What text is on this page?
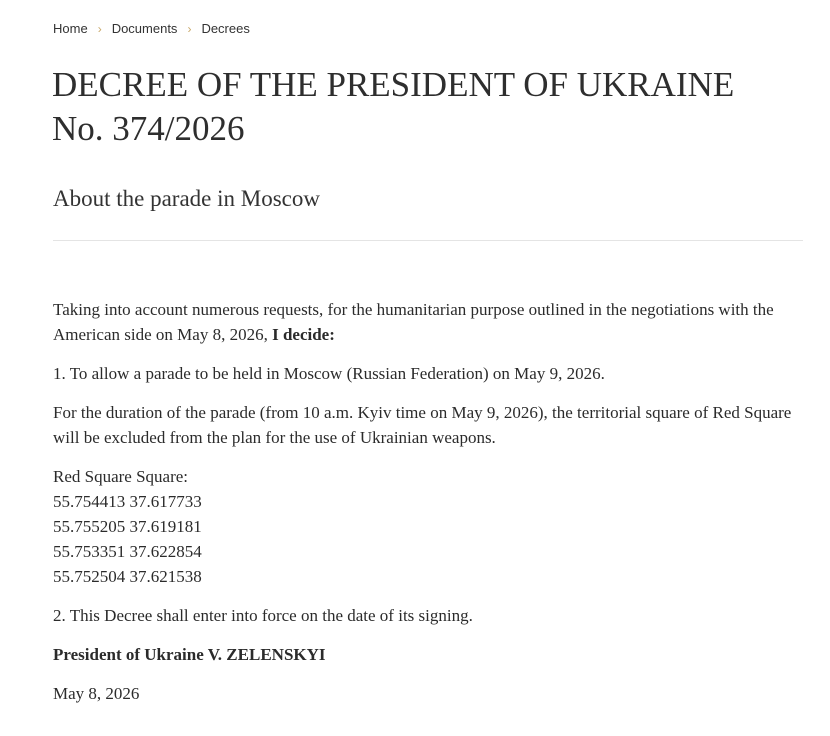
Home › Documents › Decrees
DECREE OF THE PRESIDENT OF UKRAINE
No. 374/2026
About the parade in Moscow

Taking into account numerous requests, for the humanitarian purpose outlined in the negotiations with the American side on May 8, 2026, I decide:

1. To allow a parade to be held in Moscow (Russian Federation) on May 9, 2026.

For the duration of the parade (from 10 a.m. Kyiv time on May 9, 2026), the territorial square of Red Square will be excluded from the plan for the use of Ukrainian weapons.

Red Square Square:
55.754413 37.617733
55.755205 37.619181
55.753351 37.622854
55.752504 37.621538

2. This Decree shall enter into force on the date of its signing.

President of Ukraine V. ZELENSKYI

May 8, 2026
